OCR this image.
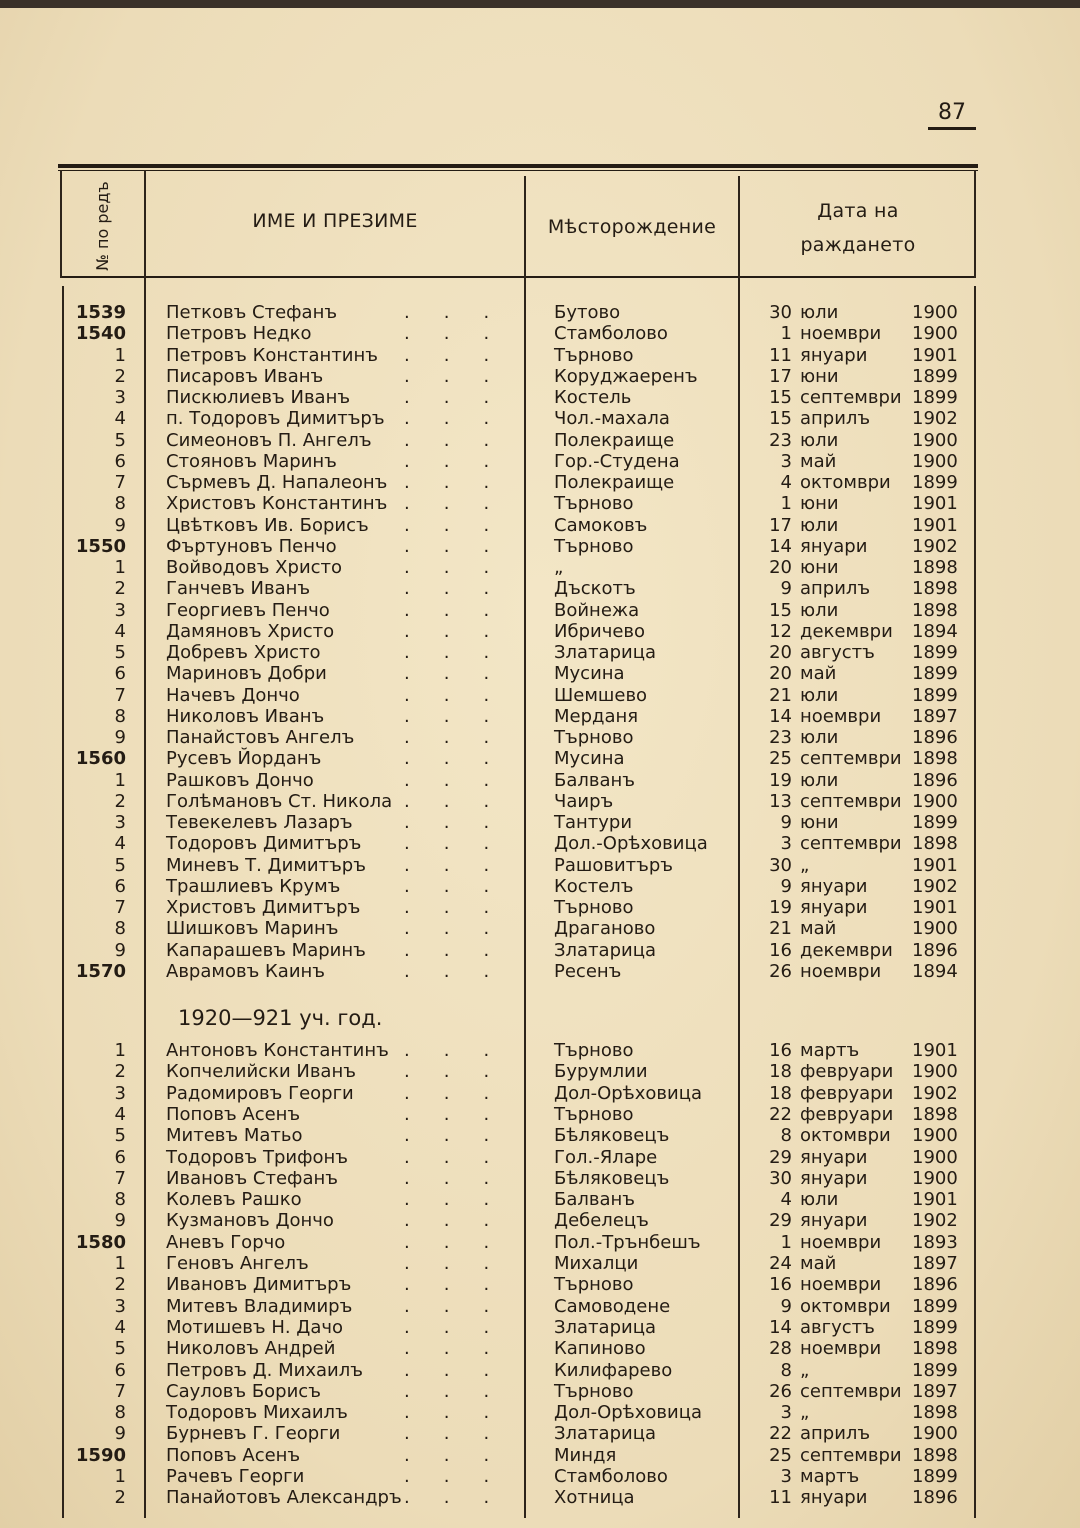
87
№ по редъ	ИМЕ И ПРЕЗИМЕ	Мѣсторождение
Дата на
раждането
1539 Петковъ Стефанъ	... Бутово	30 юли	1900
1540 Петровъ Недко	... Стамболово	1 ноември 1900
1 Петровъ Константинъ ... Търново	11 януари 1901
2 Писаровъ Иванъ	... Коруджаеренъ	17 юни	1899
3 Пискюлиевъ Иванъ	... Костель	15 септември 1899
4 п. Тодоровъ Димитъръ ... Чол.-махала	15 априлъ 1902
5 Симеоновъ П. Ангелъ ... Полекраище	23 юли	1900
6 Стояновъ Маринъ	... Гор.-Студена	3 май	1900
7 Сърмевъ Д. Напалеонъ ... Полекраище	4 октомври 1899
8 Христовъ Константинъ ... Търново	1 юни	1901
9 Цвѣтковъ Ив. Борисъ ... Самоковъ	17 юли	1901
1550 Фъртуновъ Пенчо	... Търново	14 януари 1902
1 Войводовъ Христо	... „	20 юни	1898
2 Ганчевъ Иванъ	... Дъскотъ	9 априлъ 1898
3 Георгиевъ Пенчо	... Войнежа	15 юли	1898
4 Дамяновъ Христо	... Ибричево	12 декември 1894
5 Добревъ Христо	... Златарица	20 августъ 1899
6 Мариновъ Добри	... Мусина	20 май	1899
7 Начевъ Дончо	... Шемшево	21 юли	1899
8 Николовъ Иванъ	... Мерданя	14 ноември 1897
9 Панайстовъ Ангелъ	... Търново	23 юли	1896
1560 Русевъ Йорданъ	... Мусина	25 септември 1898
1 Рашковъ Дончо	... Балванъ	19 юли	1896
2 Голѣмановъ Ст. Никола ... Чаиръ	13 септември 1900
3 Тевекелевъ Лазаръ	... Тантури	9 юни	1899
4 Тодоровъ Димитъръ ... Дол.-Орѣховица	3 септември 1898
5 Миневъ Т. Димитъръ ... Рашовитъръ	30 „	1901
6 Трашлиевъ Крумъ	... Костелъ	9 януари 1902
7 Христовъ Димитъръ ... Търново	19 януари 1901
8 Шишковъ Маринъ	... Драганово	21 май	1900
9 Капарашевъ Маринъ ... Златарица	16 декември 1896
1570 Аврамовъ Каинъ	... Ресенъ	26 ноември 1894
1920—921 уч. год.
1 Антоновъ Константинъ ... Търново	16 мартъ	1901
2 Копчелийски Иванъ	... Бурумлии	18 февруари 1900
3 Радомировъ Георги	... Дол-Орѣховица	18 февруари 1902
4 Поповъ Асенъ	... Търново	22 февруари 1898
5 Митевъ Матьо	... Бѣляковецъ	8 октомври 1900
6 Тодоровъ Трифонъ	... Гол.-Яларе	29 януари 1900
7 Ивановъ Стефанъ	... Бѣляковецъ	30 януари 1900
8 Колевъ Рашко	... Балванъ	4 юли	1901
9 Кузмановъ Дончо	... Дебелецъ	29 януари 1902
1580 Аневъ Горчо	... Пол.-Трънбешъ	1 ноември 1893
1 Геновъ Ангелъ	... Михалци	24 май	1897
2 Ивановъ Димитъръ	... Търново	16 ноември 1896
3 Митевъ Владимиръ	... Самоводене	9 октомври 1899
4 Мотишевъ Н. Дачо	... Златарица	14 августъ 1899
5 Николовъ Андрей	... Капиново	28 ноември 1898
6 Петровъ Д. Михаилъ ... Килифарево	8 „	1899
7 Сауловъ Борисъ	... Търново	26 септември 1897
8 Тодоровъ Михаилъ	... Дол-Орѣховица	3 „	1898
9 Бурневъ Г. Георги	... Златарица	22 априлъ 1900
1590 Поповъ Асенъ	... Миндя	25 септември 1898
1 Рачевъ Георги	... Стамболово	3 мартъ	1899
2 Панайотовъ Александръ ... Хотница	11 януари 1896
